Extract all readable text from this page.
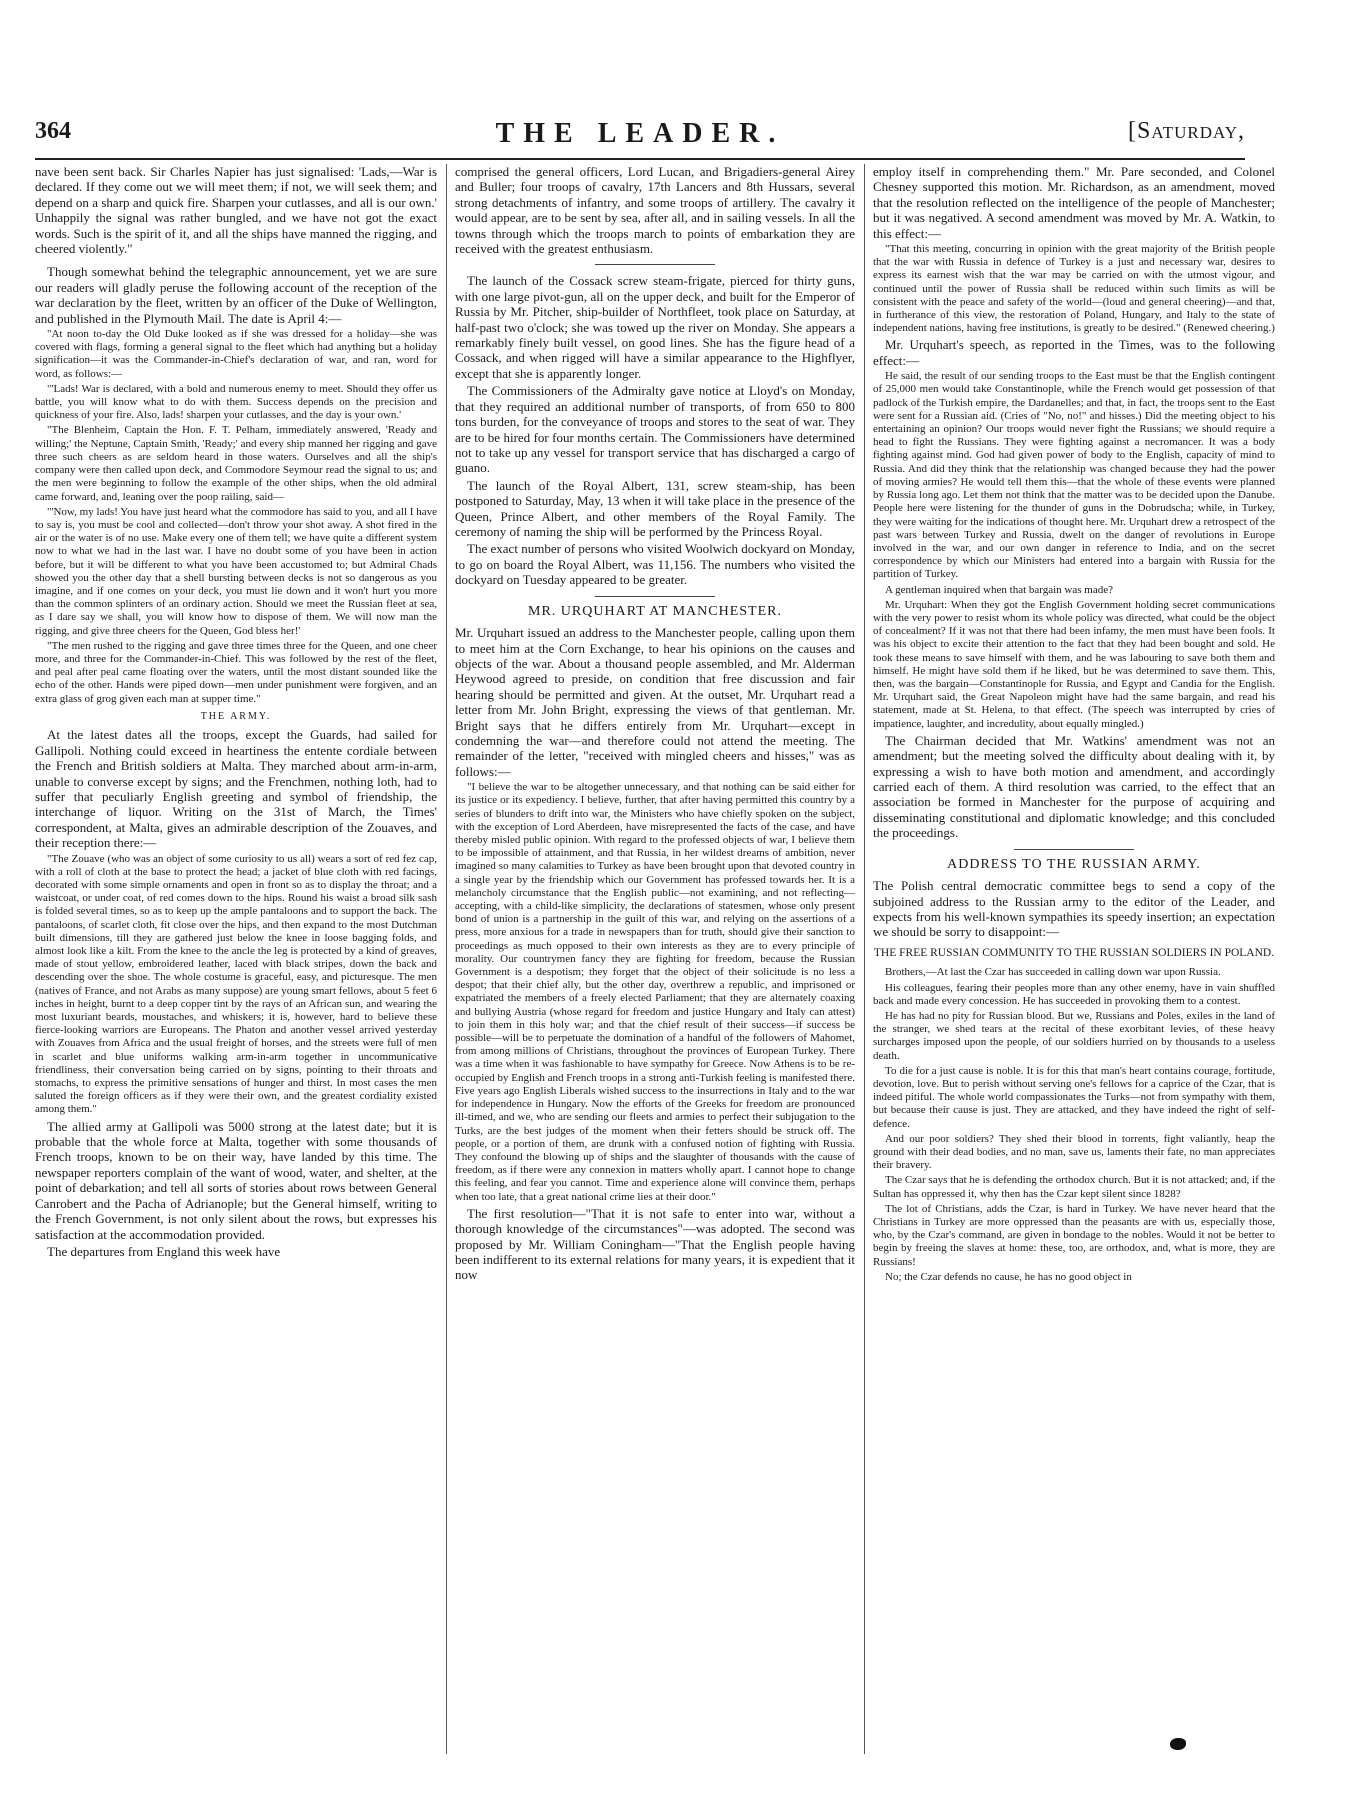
364	THE LEADER.	[Saturday,

nave been sent back. Sir Charles Napier has just signalised: 'Lads,—War is declared. If they come out we will meet them; if not, we will seek them; and depend on a sharp and quick fire. Sharpen your cutlasses, and all is our own.' Unhappily the signal was rather bungled, and we have not got the exact words. Such is the spirit of it, and all the ships have manned the rigging, and cheered violently."

Though somewhat behind the telegraphic announcement, yet we are sure our readers will gladly peruse the following account of the reception of the war declaration by the fleet, written by an officer of the Duke of Wellington, and published in the Plymouth Mail. The date is April 4:—

"At noon to-day the Old Duke looked as if she was dressed for a holiday—she was covered with flags, forming a general signal to the fleet which had anything but a holiday signification—it was the Commander-in-Chief's declaration of war, and ran, word for word, as follows:—

"'Lads! War is declared, with a bold and numerous enemy to meet. Should they offer us battle, you will know what to do with them. Success depends on the precision and quickness of your fire. Also, lads! sharpen your cutlasses, and the day is your own.'

"The Blenheim, Captain the Hon. F. T. Pelham, immediately answered, 'Ready and willing;' the Neptune, Captain Smith, 'Ready;' and every ship manned her rigging and gave three such cheers as are seldom heard in those waters. Ourselves and all the ship's company were then called upon deck, and Commodore Seymour read the signal to us; and the men were beginning to follow the example of the other ships, when the old admiral came forward, and, leaning over the poop railing, said—

"'Now, my lads! You have just heard what the commodore has said to you, and all I have to say is, you must be cool and collected—don't throw your shot away. A shot fired in the air or the water is of no use. Make every one of them tell; we have quite a different system now to what we had in the last war. I have no doubt some of you have been in action before, but it will be different to what you have been accustomed to; but Admiral Chads showed you the other day that a shell bursting between decks is not so dangerous as you imagine, and if one comes on your deck, you must lie down and it won't hurt you more than the common splinters of an ordinary action. Should we meet the Russian fleet at sea, as I dare say we shall, you will know how to dispose of them. We will now man the rigging, and give three cheers for the Queen, God bless her!'

"The men rushed to the rigging and gave three times three for the Queen, and one cheer more, and three for the Commander-in-Chief. This was followed by the rest of the fleet, and peal after peal came floating over the waters, until the most distant sounded like the echo of the other. Hands were piped down—men under punishment were forgiven, and an extra glass of grog given each man at supper time."

THE ARMY.

At the latest dates all the troops, except the Guards, had sailed for Gallipoli. Nothing could exceed in heartiness the entente cordiale between the French and British soldiers at Malta. They marched about arm-in-arm, unable to converse except by signs; and the Frenchmen, nothing loth, had to suffer that peculiarly English greeting and symbol of friendship, the interchange of liquor. Writing on the 31st of March, the Times' correspondent, at Malta, gives an admirable description of the Zouaves, and their reception there:—

"The Zouave (who was an object of some curiosity to us all) wears a sort of red fez cap, with a roll of cloth at the base to protect the head; a jacket of blue cloth with red facings, decorated with some simple ornaments and open in front so as to display the throat; and a waistcoat, or under coat, of red comes down to the hips. Round his waist a broad silk sash is folded several times, so as to keep up the ample pantaloons and to support the back. The pantaloons, of scarlet cloth, fit close over the hips, and then expand to the most Dutchman built dimensions, till they are gathered just below the knee in loose bagging folds, and almost look like a kilt. From the knee to the ancle the leg is protected by a kind of greaves, made of stout yellow, embroidered leather, laced with black stripes, down the back and descending over the shoe. The whole costume is graceful, easy, and picturesque. The men (natives of France, and not Arabs as many suppose) are young smart fellows, about 5 feet 6 inches in height, burnt to a deep copper tint by the rays of an African sun, and wearing the most luxuriant beards, moustaches, and whiskers; it is, however, hard to believe these fierce-looking warriors are Europeans. The Phaton and another vessel arrived yesterday with Zouaves from Africa and the usual freight of horses, and the streets were full of men in scarlet and blue uniforms walking arm-in-arm together in uncommunicative friendliness, their conversation being carried on by signs, pointing to their throats and stomachs, to express the primitive sensations of hunger and thirst. In most cases the men saluted the foreign officers as if they were their own, and the greatest cordiality existed among them."

The allied army at Gallipoli was 5000 strong at the latest date; but it is probable that the whole force at Malta, together with some thousands of French troops, known to be on their way, have landed by this time. The newspaper reporters complain of the want of wood, water, and shelter, at the point of debarkation; and tell all sorts of stories about rows between General Canrobert and the Pacha of Adrianople; but the General himself, writing to the French Government, is not only silent about the rows, but expresses his satisfaction at the accommodation provided.

The departures from England this week have

comprised the general officers, Lord Lucan, and Brigadiers-general Airey and Buller; four troops of cavalry, 17th Lancers and 8th Hussars, several strong detachments of infantry, and some troops of artillery. The cavalry it would appear, are to be sent by sea, after all, and in sailing vessels. In all the towns through which the troops march to points of embarkation they are received with the greatest enthusiasm.

The launch of the Cossack screw steam-frigate, pierced for thirty guns, with one large pivot-gun, all on the upper deck, and built for the Emperor of Russia by Mr. Pitcher, ship-builder of Northfleet, took place on Saturday, at half-past two o'clock; she was towed up the river on Monday. She appears a remarkably finely built vessel, on good lines. She has the figure head of a Cossack, and when rigged will have a similar appearance to the Highflyer, except that she is apparently longer.

The Commissioners of the Admiralty gave notice at Lloyd's on Monday, that they required an additional number of transports, of from 650 to 800 tons burden, for the conveyance of troops and stores to the seat of war. They are to be hired for four months certain. The Commissioners have determined not to take up any vessel for transport service that has discharged a cargo of guano.

The launch of the Royal Albert, 131, screw steam-ship, has been postponed to Saturday, May, 13 when it will take place in the presence of the Queen, Prince Albert, and other members of the Royal Family. The ceremony of naming the ship will be performed by the Princess Royal.

The exact number of persons who visited Woolwich dockyard on Monday, to go on board the Royal Albert, was 11,156. The numbers who visited the dockyard on Tuesday appeared to be greater.

MR. URQUHART AT MANCHESTER.

Mr. Urquhart issued an address to the Manchester people, calling upon them to meet him at the Corn Exchange, to hear his opinions on the causes and objects of the war. About a thousand people assembled, and Mr. Alderman Heywood agreed to preside, on condition that free discussion and fair hearing should be permitted and given. At the outset, Mr. Urquhart read a letter from Mr. John Bright, expressing the views of that gentleman. Mr. Bright says that he differs entirely from Mr. Urquhart—except in condemning the war—and therefore could not attend the meeting. The remainder of the letter, "received with mingled cheers and hisses," was as follows:—

"I believe the war to be altogether unnecessary, and that nothing can be said either for its justice or its expediency. I believe, further, that after having permitted this country by a series of blunders to drift into war, the Ministers who have chiefly spoken on the subject, with the exception of Lord Aberdeen, have misrepresented the facts of the case, and have thereby misled public opinion. With regard to the professed objects of war, I believe them to be impossible of attainment, and that Russia, in her wildest dreams of ambition, never imagined so many calamities to Turkey as have been brought upon that devoted country in a single year by the friendship which our Government has professed towards her. It is a melancholy circumstance that the English public—not examining, and not reflecting—accepting, with a child-like simplicity, the declarations of statesmen, whose only present bond of union is a partnership in the guilt of this war, and relying on the assertions of a press, more anxious for a trade in newspapers than for truth, should give their sanction to proceedings as much opposed to their own interests as they are to every principle of morality. Our countrymen fancy they are fighting for freedom, because the Russian Government is a despotism; they forget that the object of their solicitude is no less a despot; that their chief ally, but the other day, overthrew a republic, and imprisoned or expatriated the members of a freely elected Parliament; that they are alternately coaxing and bullying Austria (whose regard for freedom and justice Hungary and Italy can attest) to join them in this holy war; and that the chief result of their success—if success be possible—will be to perpetuate the domination of a handful of the followers of Mahomet, from among millions of Christians, throughout the provinces of European Turkey. There was a time when it was fashionable to have sympathy for Greece. Now Athens is to be re-occupied by English and French troops in a strong anti-Turkish feeling is manifested there. Five years ago English Liberals wished success to the insurrections in Italy and to the war for independence in Hungary. Now the efforts of the Greeks for freedom are pronounced ill-timed, and we, who are sending our fleets and armies to perfect their subjugation to the Turks, are the best judges of the moment when their fetters should be struck off. The people, or a portion of them, are drunk with a confused notion of fighting with Russia. They confound the blowing up of ships and the slaughter of thousands with the cause of freedom, as if there were any connexion in matters wholly apart. I cannot hope to change this feeling, and fear you cannot. Time and experience alone will convince them, perhaps when too late, that a great national crime lies at their door."

The first resolution—"That it is not safe to enter into war, without a thorough knowledge of the circumstances"—was adopted. The second was proposed by Mr. William Coningham—"That the English people having been indifferent to its external relations for many years, it is expedient that it now

employ itself in comprehending them." Mr. Pare seconded, and Colonel Chesney supported this motion. Mr. Richardson, as an amendment, moved that the resolution reflected on the intelligence of the people of Manchester; but it was negatived. A second amendment was moved by Mr. A. Watkin, to this effect:—

"That this meeting, concurring in opinion with the great majority of the British people that the war with Russia in defence of Turkey is a just and necessary war, desires to express its earnest wish that the war may be carried on with the utmost vigour, and continued until the power of Russia shall be reduced within such limits as will be consistent with the peace and safety of the world—(loud and general cheering)—and that, in furtherance of this view, the restoration of Poland, Hungary, and Italy to the state of independent nations, having free institutions, is greatly to be desired." (Renewed cheering.)

Mr. Urquhart's speech, as reported in the Times, was to the following effect:—

He said, the result of our sending troops to the East must be that the English contingent of 25,000 men would take Constantinople, while the French would get possession of that padlock of the Turkish empire, the Dardanelles; and that, in fact, the troops sent to the East were sent for a Russian aid. (Cries of "No, no!" and hisses.) Did the meeting object to his entertaining an opinion? Our troops would never fight the Russians; we should require a head to fight the Russians. They were fighting against a necromancer. It was a body fighting against mind. God had given power of body to the English, capacity of mind to Russia. And did they think that the relationship was changed because they had the power of moving armies? He would tell them this—that the whole of these events were planned by Russia long ago. Let them not think that the matter was to be decided upon the Danube. People here were listening for the thunder of guns in the Dobrudscha; while, in Turkey, they were waiting for the indications of thought here. Mr. Urquhart drew a retrospect of the past wars between Turkey and Russia, dwelt on the danger of revolutions in Europe involved in the war, and our own danger in reference to India, and on the secret correspondence by which our Ministers had entered into a bargain with Russia for the partition of Turkey.

A gentleman inquired when that bargain was made?

Mr. Urquhart: When they got the English Government holding secret communications with the very power to resist whom its whole policy was directed, what could be the object of concealment? If it was not that there had been infamy, the men must have been fools. It was his object to excite their attention to the fact that they had been bought and sold. He took these means to save himself with them, and he was labouring to save both them and himself. He might have sold them if he liked, but he was determined to save them. This, then, was the bargain—Constantinople for Russia, and Egypt and Candia for the English. Mr. Urquhart said, the Great Napoleon might have had the same bargain, and read his statement, made at St. Helena, to that effect. (The speech was interrupted by cries of impatience, laughter, and incredulity, about equally mingled.)

The Chairman decided that Mr. Watkins' amendment was not an amendment; but the meeting solved the difficulty about dealing with it, by expressing a wish to have both motion and amendment, and accordingly carried each of them. A third resolution was carried, to the effect that an association be formed in Manchester for the purpose of acquiring and disseminating constitutional and diplomatic knowledge; and this concluded the proceedings.

ADDRESS TO THE RUSSIAN ARMY.

The Polish central democratic committee begs to send a copy of the subjoined address to the Russian army to the editor of the Leader, and expects from his well-known sympathies its speedy insertion; an expectation we should be sorry to disappoint:—

THE FREE RUSSIAN COMMUNITY TO THE RUSSIAN SOLDIERS IN POLAND.

Brothers,—At last the Czar has succeeded in calling down war upon Russia.

His colleagues, fearing their peoples more than any other enemy, have in vain shuffled back and made every concession. He has succeeded in provoking them to a contest.

He has had no pity for Russian blood. But we, Russians and Poles, exiles in the land of the stranger, we shed tears at the recital of these exorbitant levies, of these heavy surcharges imposed upon the people, of our soldiers hurried on by thousands to a useless death.

To die for a just cause is noble. It is for this that man's heart contains courage, fortitude, devotion, love. But to perish without serving one's fellows for a caprice of the Czar, that is indeed pitiful. The whole world compassionates the Turks—not from sympathy with them, but because their cause is just. They are attacked, and they have indeed the right of self-defence.

And our poor soldiers? They shed their blood in torrents, fight valiantly, heap the ground with their dead bodies, and no man, save us, laments their fate, no man appreciates their bravery.

The Czar says that he is defending the orthodox church. But it is not attacked; and, if the Sultan has oppressed it, why then has the Czar kept silent since 1828?

The lot of Christians, adds the Czar, is hard in Turkey. We have never heard that the Christians in Turkey are more oppressed than the peasants are with us, especially those, who, by the Czar's command, are given in bondage to the nobles. Would it not be better to begin by freeing the slaves at home: these, too, are orthodox, and, what is more, they are Russians!

No; the Czar defends no cause, he has no good object in
